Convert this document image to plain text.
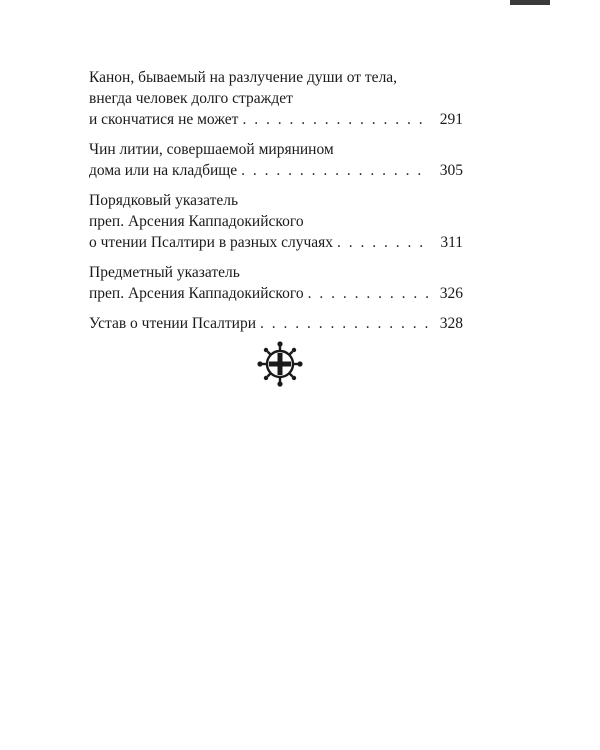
Канон, бываемый на разлучение души от тела,
внегда человек долго страждет
и скончатися не может . . .	291
Чин литии, совершаемой мирянином
дома или на кладбище . . .	305
Порядковый указатель
преп. Арсения Каппадокийского
о чтении Псалтири в разных случаях . . .	311
Предметный указатель
преп. Арсения Каппадокийского . . .	326
Устав о чтении Псалтири . . .	328
